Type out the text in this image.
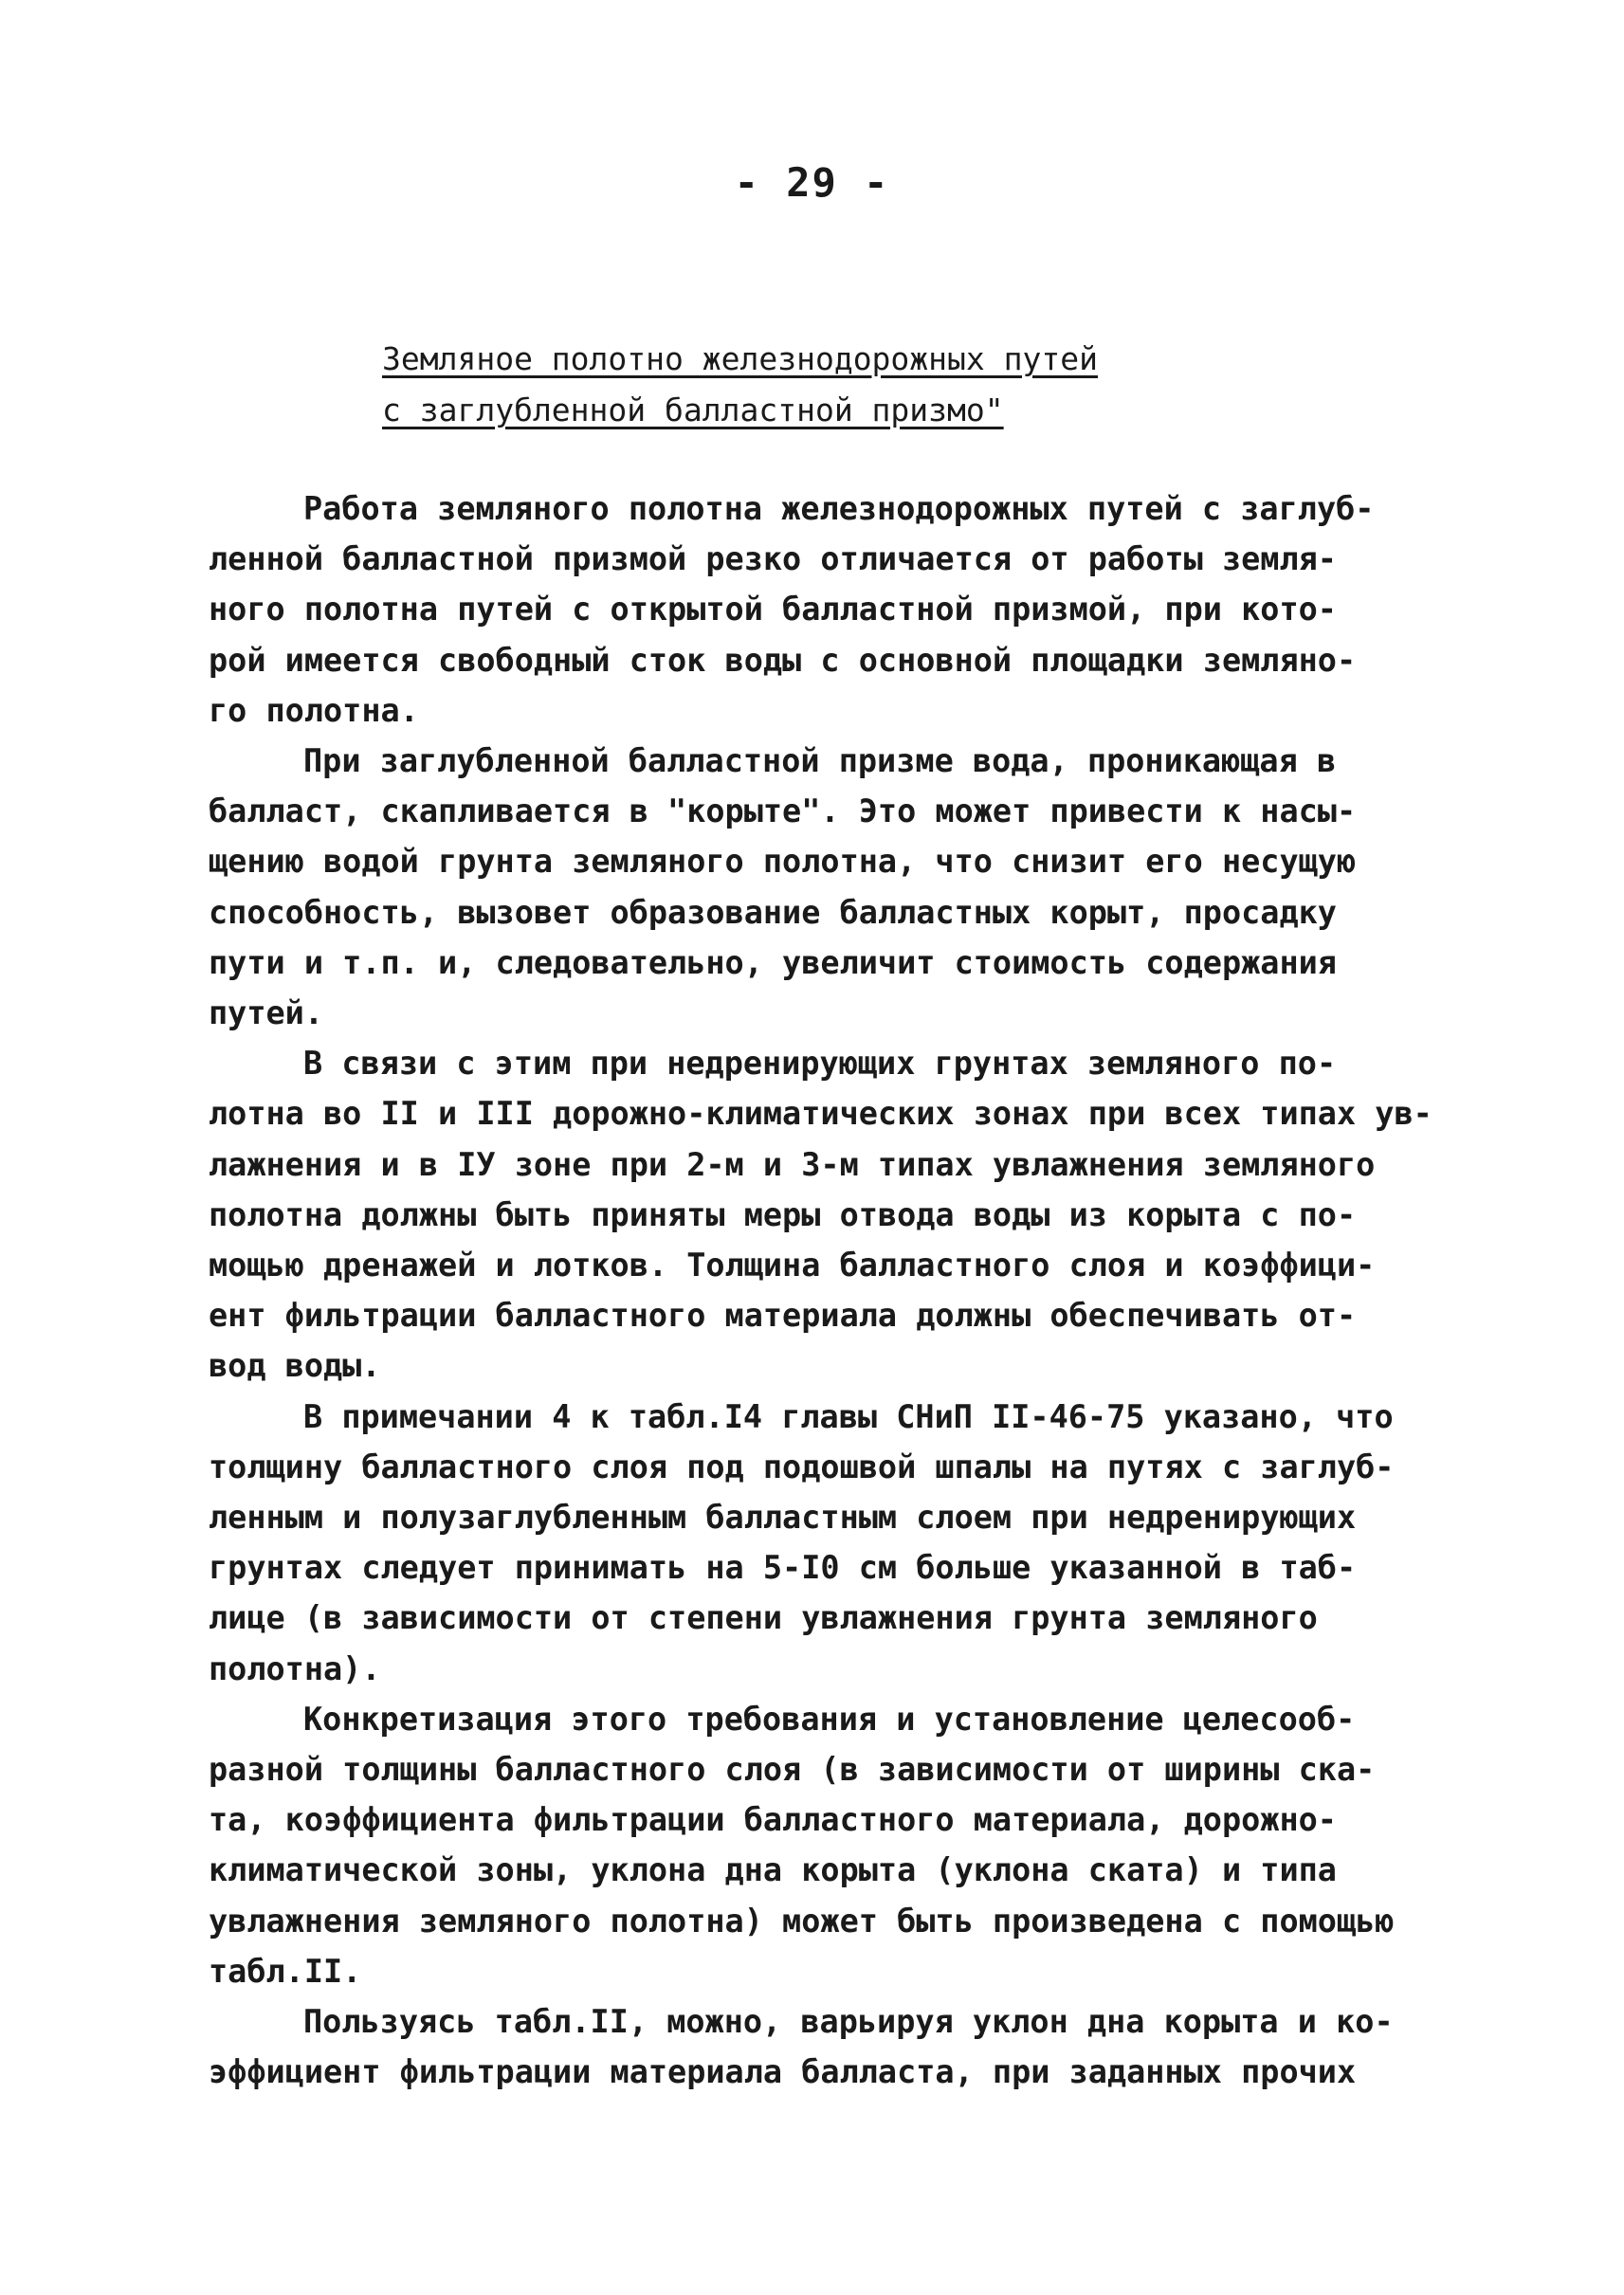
- 29 -
Земляное полотно железнодорожных путей
с заглубленной балластной призмо"

Работа земляного полотна железнодорожных путей с заглуб-
ленной балластной призмой резко отличается от работы земля-
ного полотна путей с открытой балластной призмой, при кото-
рой имеется свободный сток воды с основной площадки земляно-
го полотна.

При заглубленной балластной призме вода, проникающая в
балласт, скапливается в "корыте". Это может привести к насы-
щению водой грунта земляного полотна, что снизит его несущую
способность, вызовет образование балластных корыт, просадку
пути и т.п. и, следовательно, увеличит стоимость содержания
путей.

В связи с этим при недренирующих грунтах земляного по-
лотна во II и III дорожно-климатических зонах при всех типах ув-
лажнения и в IУ зоне при 2-м и 3-м типах увлажнения земляного
полотна должны быть приняты меры отвода воды из корыта с по-
мощью дренажей и лотков. Толщина балластного слоя и коэффици-
ент фильтрации балластного материала должны обеспечивать от-
вод воды.

В примечании 4 к табл.I4 главы СНиП II-46-75 указано, что
толщину балластного слоя под подошвой шпалы на путях с заглуб-
ленным и полузаглубленным балластным слоем при недренирующих
грунтах следует принимать на 5-I0 см больше указанной в таб-
лице (в зависимости от степени увлажнения грунта земляного
полотна).

Конкретизация этого требования и установление целесооб-
разной толщины балластного слоя (в зависимости от ширины ска-
та, коэффициента фильтрации балластного материала, дорожно-
климатической зоны, уклона дна корыта (уклона ската) и типа
увлажнения земляного полотна) может быть произведена с помощью
табл.II.

Пользуясь табл.II, можно, варьируя уклон дна корыта и ко-
эффициент фильтрации материала балласта, при заданных прочих
